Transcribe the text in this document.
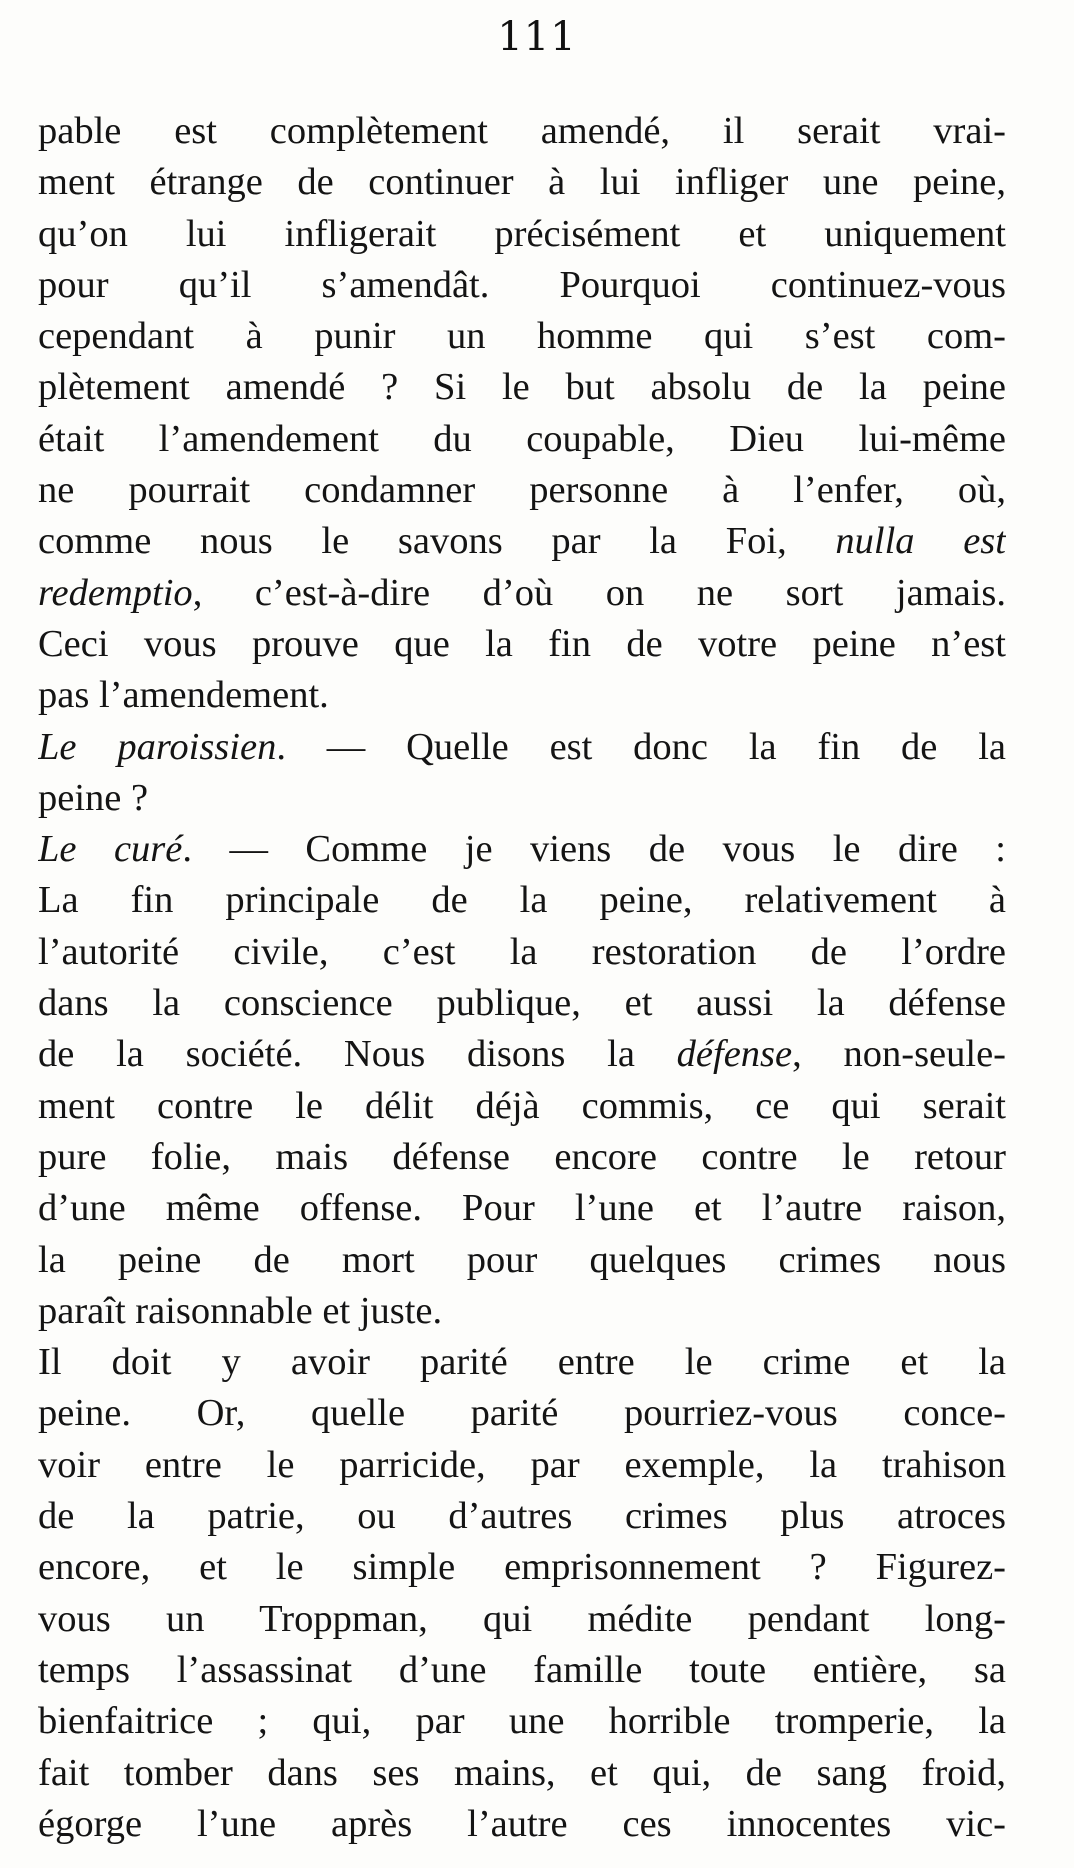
111
pable est complètement amendé, il serait vrai-
ment étrange de continuer à lui infliger une peine,
qu’on lui infligerait précisément et uniquement
pour qu’il s’amendât. Pourquoi continuez-vous
cependant à punir un homme qui s’est com-
plètement amendé ? Si le but absolu de la peine
était l’amendement du coupable, Dieu lui-même
ne pourrait condamner personne à l’enfer, où,
comme nous le savons par la Foi, nulla est
redemptio, c’est-à-dire d’où on ne sort jamais.
Ceci vous prouve que la fin de votre peine n’est
pas l’amendement.
Le paroissien. — Quelle est donc la fin de la
peine ?
Le curé. — Comme je viens de vous le dire :
La fin principale de la peine, relativement à
l’autorité civile, c’est la restoration de l’ordre
dans la conscience publique, et aussi la défense
de la société. Nous disons la défense, non-seule-
ment contre le délit déjà commis, ce qui serait
pure folie, mais défense encore contre le retour
d’une même offense. Pour l’une et l’autre raison,
la peine de mort pour quelques crimes nous
paraît raisonnable et juste.
Il doit y avoir parité entre le crime et la
peine. Or, quelle parité pourriez-vous conce-
voir entre le parricide, par exemple, la trahison
de la patrie, ou d’autres crimes plus atroces
encore, et le simple emprisonnement ? Figurez-
vous un Troppman, qui médite pendant long-
temps l’assassinat d’une famille toute entière, sa
bienfaitrice ; qui, par une horrible tromperie, la
fait tomber dans ses mains, et qui, de sang froid,
égorge l’une après l’autre ces innocentes vic-
